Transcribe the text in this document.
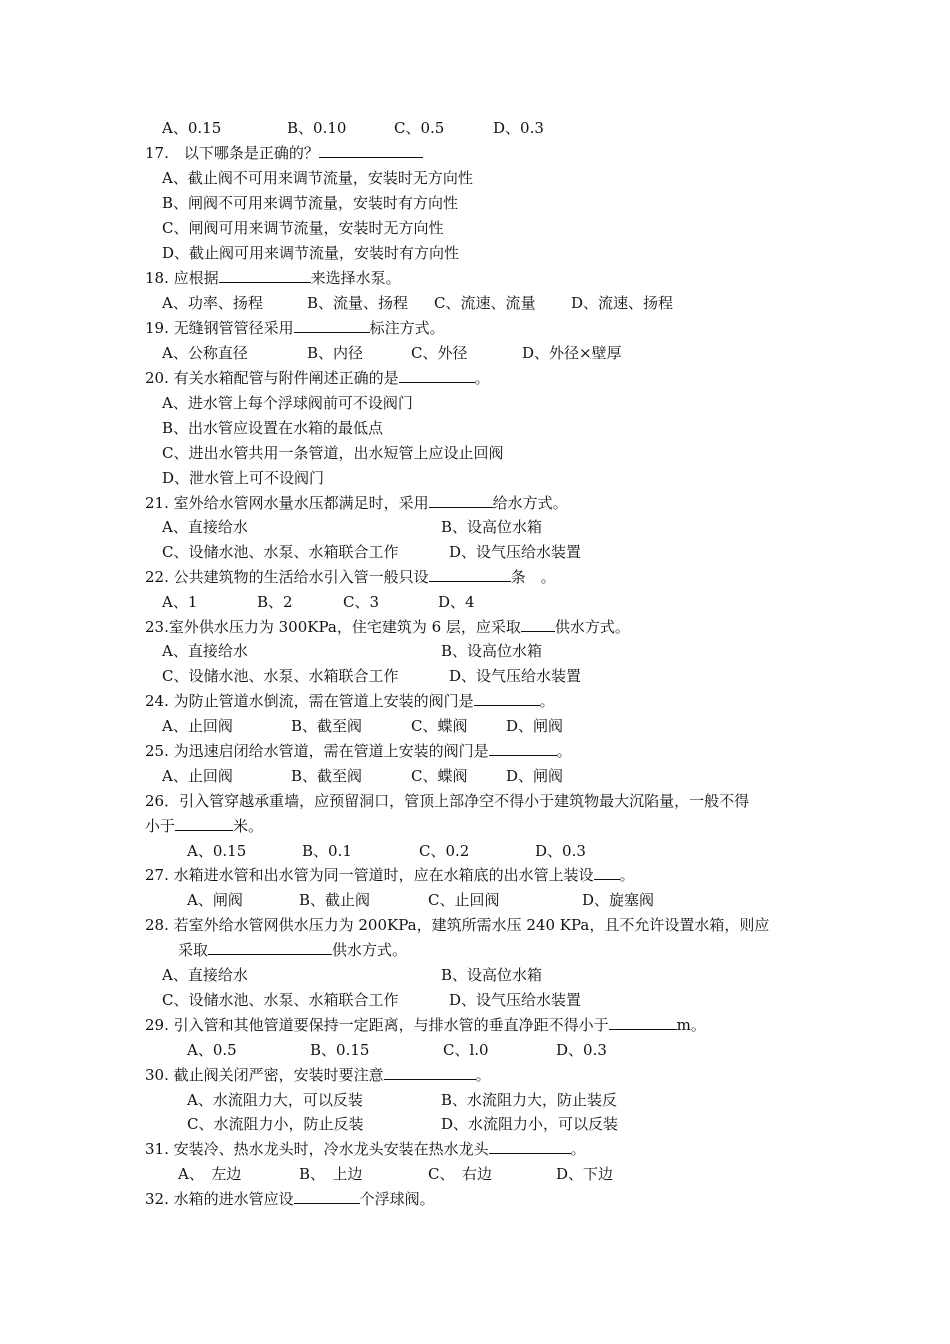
A、0.15	B、0.10	C、0.5	D、0.3
17.　以下哪条是正确的？
A、截止阀不可用来调节流量，安装时无方向性
B、闸阀不可用来调节流量，安装时有方向性
C、闸阀可用来调节流量，安装时无方向性
D、截止阀可用来调节流量，安装时有方向性
18. 应根据	来选择水泵。
A、功率、扬程	B、流量、扬程 C、流速、流量 D、流速、扬程
19. 无缝钢管管径采用	标注方式。
A、公称直径	B、内径	C、外径	D、外径×壁厚
20. 有关水箱配管与附件阐述正确的是	。
A、进水管上每个浮球阀前可不设阀门
B、出水管应设置在水箱的最低点
C、进出水管共用一条管道，出水短管上应设止回阀
D、泄水管上可不设阀门
21. 室外给水管网水量水压都满足时，采用	给水方式。
A、直接给水	B、设高位水箱
C、设储水池、水泵、水箱联合工作	D、设气压给水装置
22. 公共建筑物的生活给水引入管一般只设	条　。
A、1	B、2	C、3	D、4
23.室外供水压力为 300KPa，住宅建筑为 6 层，应采取 供水方式。
A、直接给水	B、设高位水箱
C、设储水池、水泵、水箱联合工作	D、设气压给水装置
24. 为防止管道水倒流，需在管道上安装的阀门是	。
A、止回阀	B、截至阀	C、蝶阀	D、闸阀
25. 为迅速启闭给水管道，需在管道上安装的阀门是	。
A、止回阀	B、截至阀	C、蝶阀	D、闸阀
26．引入管穿越承重墙，应预留洞口，管顶上部净空不得小于建筑物最大沉陷量，一般不得
小于	米。
A、0.15	B、0.1	C、0.2	D、0.3
27. 水箱进水管和出水管为同一管道时，应在水箱底的出水管上装设 。
A、闸阀	B、截止阀	C、止回阀	D、旋塞阀
28. 若室外给水管网供水压力为 200KPa，建筑所需水压 240 KPa，且不允许设置水箱，则应
采取	供水方式。
A、直接给水	B、设高位水箱
C、设储水池、水泵、水箱联合工作	D、设气压给水装置
29. 引入管和其他管道要保持一定距离，与排水管的垂直净距不得小于	m。
A、0.5	B、0.15	C、l.0	D、0.3
30. 截止阀关闭严密，安装时要注意	。
A、水流阻力大，可以反装	B、水流阻力大，防止装反
C、水流阻力小，防止反装	D、水流阻力小，可以反装
31. 安装冷、热水龙头时，冷水龙头安装在热水龙头	。
A、　左边	B、　上边	C、　右边	D、下边
32. 水箱的进水管应设	个浮球阀。
